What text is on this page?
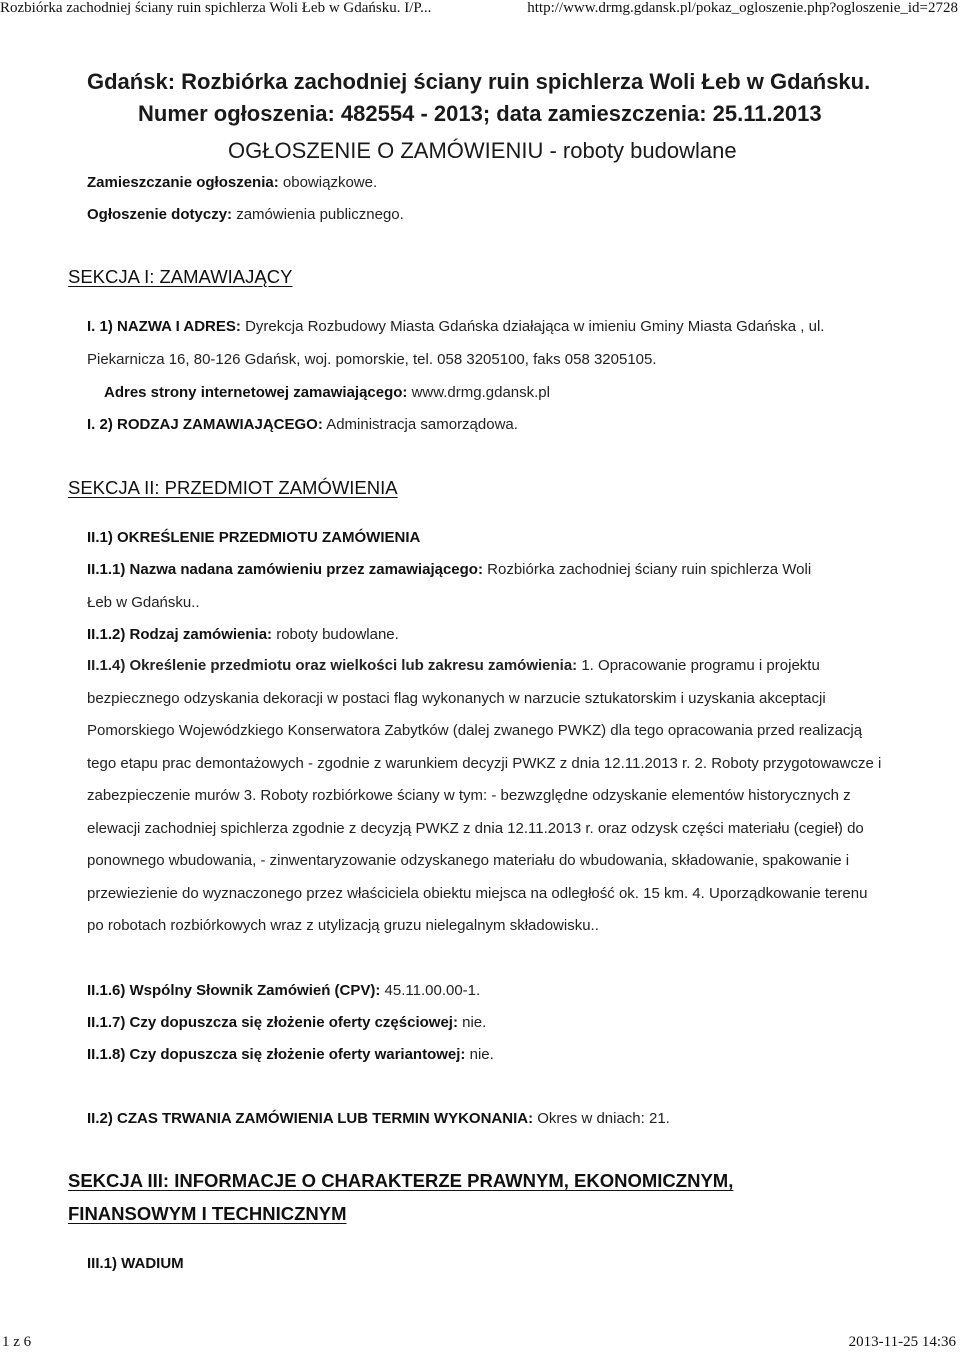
Rozbiórka zachodniej ściany ruin spichlerza Woli Łeb w Gdańsku. I/P...	http://www.drmg.gdansk.pl/pokaz_ogloszenie.php?ogloszenie_id=2728
Gdańsk: Rozbiórka zachodniej ściany ruin spichlerza Woli Łeb w Gdańsku.
Numer ogłoszenia: 482554 - 2013; data zamieszczenia: 25.11.2013
OGŁOSZENIE O ZAMÓWIENIU - roboty budowlane
Zamieszczanie ogłoszenia: obowiązkowe.
Ogłoszenie dotyczy: zamówienia publicznego.
SEKCJA I: ZAMAWIAJĄCY
I. 1) NAZWA I ADRES: Dyrekcja Rozbudowy Miasta Gdańska działająca w imieniu Gminy Miasta Gdańska , ul.
Piekarnicza 16, 80-126 Gdańsk, woj. pomorskie, tel. 058 3205100, faks 058 3205105.
Adres strony internetowej zamawiającego: www.drmg.gdansk.pl
I. 2) RODZAJ ZAMAWIAJĄCEGO: Administracja samorządowa.
SEKCJA II: PRZEDMIOT ZAMÓWIENIA
II.1) OKREŚLENIE PRZEDMIOTU ZAMÓWIENIA
II.1.1) Nazwa nadana zamówieniu przez zamawiającego: Rozbiórka zachodniej ściany ruin spichlerza Woli
Łeb w Gdańsku..
II.1.2) Rodzaj zamówienia: roboty budowlane.
II.1.4) Określenie przedmiotu oraz wielkości lub zakresu zamówienia: 1. Opracowanie programu i projektu bezpiecznego odzyskania dekoracji w postaci flag wykonanych w narzucie sztukatorskim i uzyskania akceptacji Pomorskiego Wojewódzkiego Konserwatora Zabytków (dalej zwanego PWKZ) dla tego opracowania przed realizacją tego etapu prac demontażowych - zgodnie z warunkiem decyzji PWKZ z dnia 12.11.2013 r. 2. Roboty przygotowawcze i zabezpieczenie murów 3. Roboty rozbiórkowe ściany w tym: - bezwzględne odzyskanie elementów historycznych z elewacji zachodniej spichlerza zgodnie z decyzją PWKZ z dnia 12.11.2013 r. oraz odzysk części materiału (cegieł) do ponownego wbudowania, - zinwentaryzowanie odzyskanego materiału do wbudowania, składowanie, spakowanie i przewiezienie do wyznaczonego przez właściciela obiektu miejsca na odległość ok. 15 km. 4. Uporządkowanie terenu po robotach rozbiórkowych wraz z utylizacją gruzu nielegalnym składowisku..
II.1.6) Wspólny Słownik Zamówień (CPV): 45.11.00.00-1.
II.1.7) Czy dopuszcza się złożenie oferty częściowej: nie.
II.1.8) Czy dopuszcza się złożenie oferty wariantowej: nie.
II.2) CZAS TRWANIA ZAMÓWIENIA LUB TERMIN WYKONANIA: Okres w dniach: 21.
SEKCJA III: INFORMACJE O CHARAKTERZE PRAWNYM, EKONOMICZNYM,
FINANSOWYM I TECHNICZNYM
III.1) WADIUM
1 z 6	2013-11-25 14:36
